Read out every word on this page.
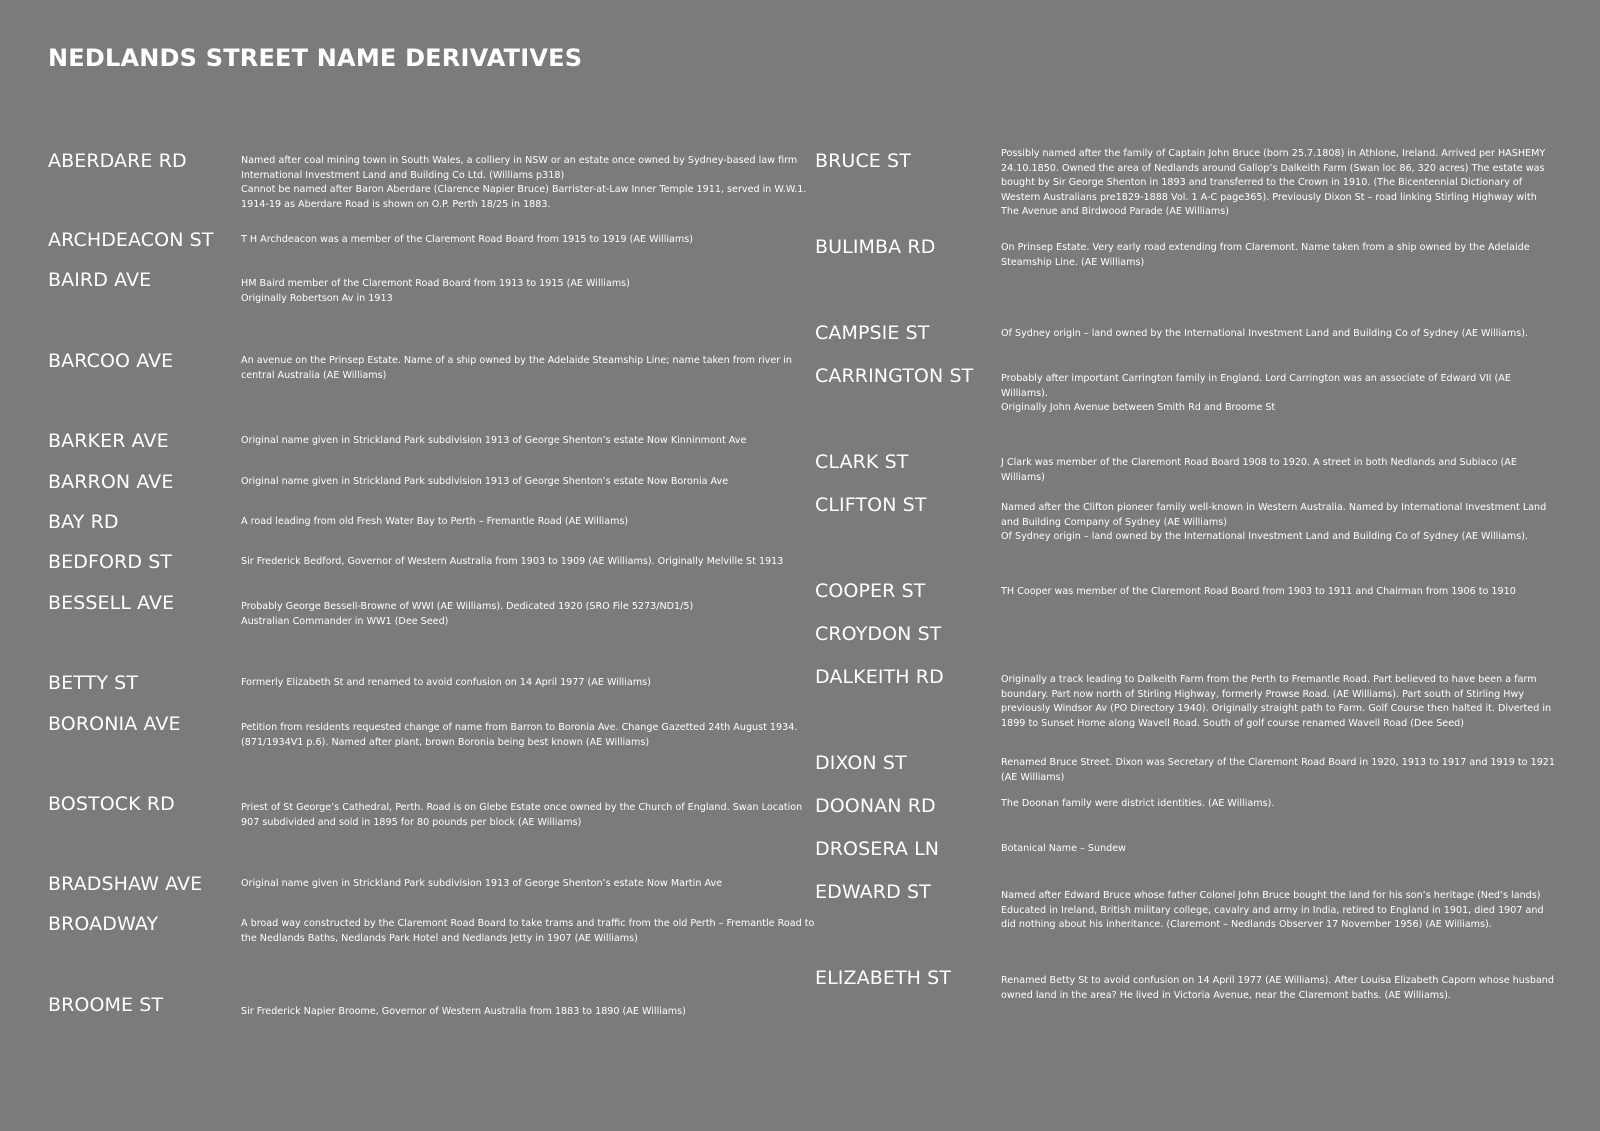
NEDLANDS STREET NAME DERIVATIVES
ABERDARE RD	Named after coal mining town in South Wales, a colliery in NSW or an estate once owned by Sydney-based law firm International Investment Land and Building Co Ltd. (Williams p318)
Cannot be named after Baron Aberdare (Clarence Napier Bruce) Barrister-at-Law Inner Temple 1911, served in W.W.1. 1914-19 as Aberdare Road is shown on O.P. Perth 18/25 in 1883.
ARCHDEACON ST	T H Archdeacon was a member of the Claremont Road Board from 1915 to 1919 (AE Williams)
BAIRD AVE	HM Baird member of the Claremont Road Board from 1913 to 1915 (AE Williams)
Originally Robertson Av in 1913
BARCOO AVE	An avenue on the Prinsep Estate. Name of a ship owned by the Adelaide Steamship Line; name taken from river in central Australia (AE Williams)
BARKER AVE	Original name given in Strickland Park subdivision 1913 of George Shenton’s estate Now Kinninmont Ave
BARRON AVE	Original name given in Strickland Park subdivision 1913 of George Shenton’s estate Now Boronia Ave
BAY RD	A road leading from old Fresh Water Bay to Perth – Fremantle Road (AE Williams)
BEDFORD ST	Sir Frederick Bedford, Governor of Western Australia from 1903 to 1909 (AE Williams). Originally Melville St 1913
BESSELL AVE	Probably George Bessell-Browne of WWI (AE Williams). Dedicated 1920 (SRO File 5273/ND1/5)
Australian Commander in WW1 (Dee Seed)
BETTY ST	Formerly Elizabeth St and renamed to avoid confusion on 14 April 1977 (AE Williams)
BORONIA AVE	Petition from residents requested change of name from Barron to Boronia Ave. Change Gazetted 24th August 1934. (871/1934V1 p.6). Named after plant, brown Boronia being best known (AE Williams)
BOSTOCK RD	Priest of St George’s Cathedral, Perth. Road is on Glebe Estate once owned by the Church of England. Swan Location 907 subdivided and sold in 1895 for 80 pounds per block (AE Williams)
BRADSHAW AVE	Original name given in Strickland Park subdivision 1913 of George Shenton’s estate Now Martin Ave
BROADWAY	A broad way constructed by the Claremont Road Board to take trams and traffic from the old Perth – Fremantle Road to the Nedlands Baths, Nedlands Park Hotel and Nedlands Jetty in 1907 (AE Williams)
BROOME ST	Sir Frederick Napier Broome, Governor of Western Australia from 1883 to 1890 (AE Williams)
BRUCE ST	Possibly named after the family of Captain John Bruce (born 25.7.1808) in Athlone, Ireland. Arrived per HASHEMY 24.10.1850. Owned the area of Nedlands around Gallop’s Dalkeith Farm (Swan loc 86, 320 acres) The estate was bought by Sir George Shenton in 1893 and transferred to the Crown in 1910. (The Bicentennial Dictionary of Western Australians pre1829-1888 Vol. 1 A-C page365). Previously Dixon St – road linking Stirling Highway with The Avenue and Birdwood Parade (AE Williams)
BULIMBA RD	On Prinsep Estate. Very early road extending from Claremont. Name taken from a ship owned by the Adelaide Steamship Line. (AE Williams)
CAMPSIE ST	Of Sydney origin – land owned by the International Investment Land and Building Co of Sydney (AE Williams).
CARRINGTON ST	Probably after important Carrington family in England. Lord Carrington was an associate of Edward VII (AE Williams).
Originally John Avenue between Smith Rd and Broome St
CLARK ST	J Clark was member of the Claremont Road Board 1908 to 1920. A street in both Nedlands and Subiaco (AE Williams)
CLIFTON ST	Named after the Clifton pioneer family well-known in Western Australia. Named by International Investment Land and Building Company of Sydney (AE Williams)
Of Sydney origin – land owned by the International Investment Land and Building Co of Sydney (AE Williams).
COOPER ST	TH Cooper was member of the Claremont Road Board from 1903 to 1911 and Chairman from 1906 to 1910
CROYDON ST
DALKEITH RD	Originally a track leading to Dalkeith Farm from the Perth to Fremantle Road. Part believed to have been a farm boundary. Part now north of Stirling Highway, formerly Prowse Road. (AE Williams). Part south of Stirling Hwy previously Windsor Av (PO Directory 1940). Originally straight path to Farm. Golf Course then halted it. Diverted in 1899 to Sunset Home along Wavell Road. South of golf course renamed Wavell Road (Dee Seed)
DIXON ST	Renamed Bruce Street. Dixon was Secretary of the Claremont Road Board in 1920, 1913 to 1917 and 1919 to 1921 (AE Williams)
DOONAN RD	The Doonan family were district identities. (AE Williams).
DROSERA LN	Botanical Name – Sundew
EDWARD ST	Named after Edward Bruce whose father Colonel John Bruce bought the land for his son’s heritage (Ned’s lands) Educated in Ireland, British military college, cavalry and army in India, retired to England in 1901, died 1907 and did nothing about his inheritance. (Claremont – Nedlands Observer 17 November 1956) (AE Williams).
ELIZABETH ST	Renamed Betty St to avoid confusion on 14 April 1977 (AE Williams). After Louisa Elizabeth Caporn whose husband owned land in the area? He lived in Victoria Avenue, near the Claremont baths. (AE Williams).
